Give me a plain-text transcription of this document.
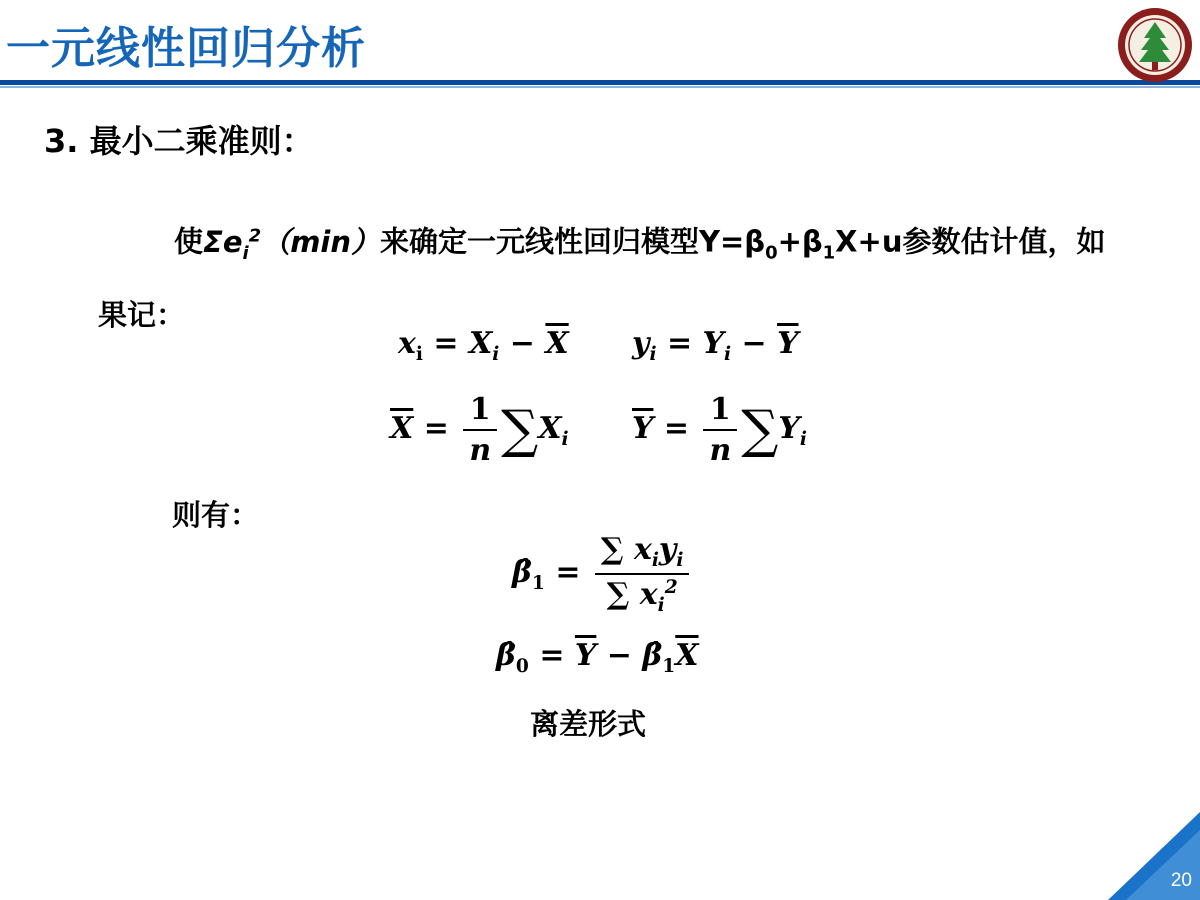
一元线性回归分析
3. 最小二乘准则：
使$\Sigma e_i^2(\min)$来确定一元线性回归模型$Y=\beta_0+\beta_1X+u$参数估计值，如果记：
$x_i = X_i - \overline{X}$ $y_i = Y_i - \overline{Y}$
$\overline{X} = \frac{1}{n} \sum X_i$ $\overline{Y} = \frac{1}{n} \sum Y_i$
则有：
$\betâ_1 = \frac{\sum x_iy_i}{\sum x_i^2}$
$\betâ_0 = \overline{Y}$ − $\betâ_1\overline{X}$
离差形式
20
